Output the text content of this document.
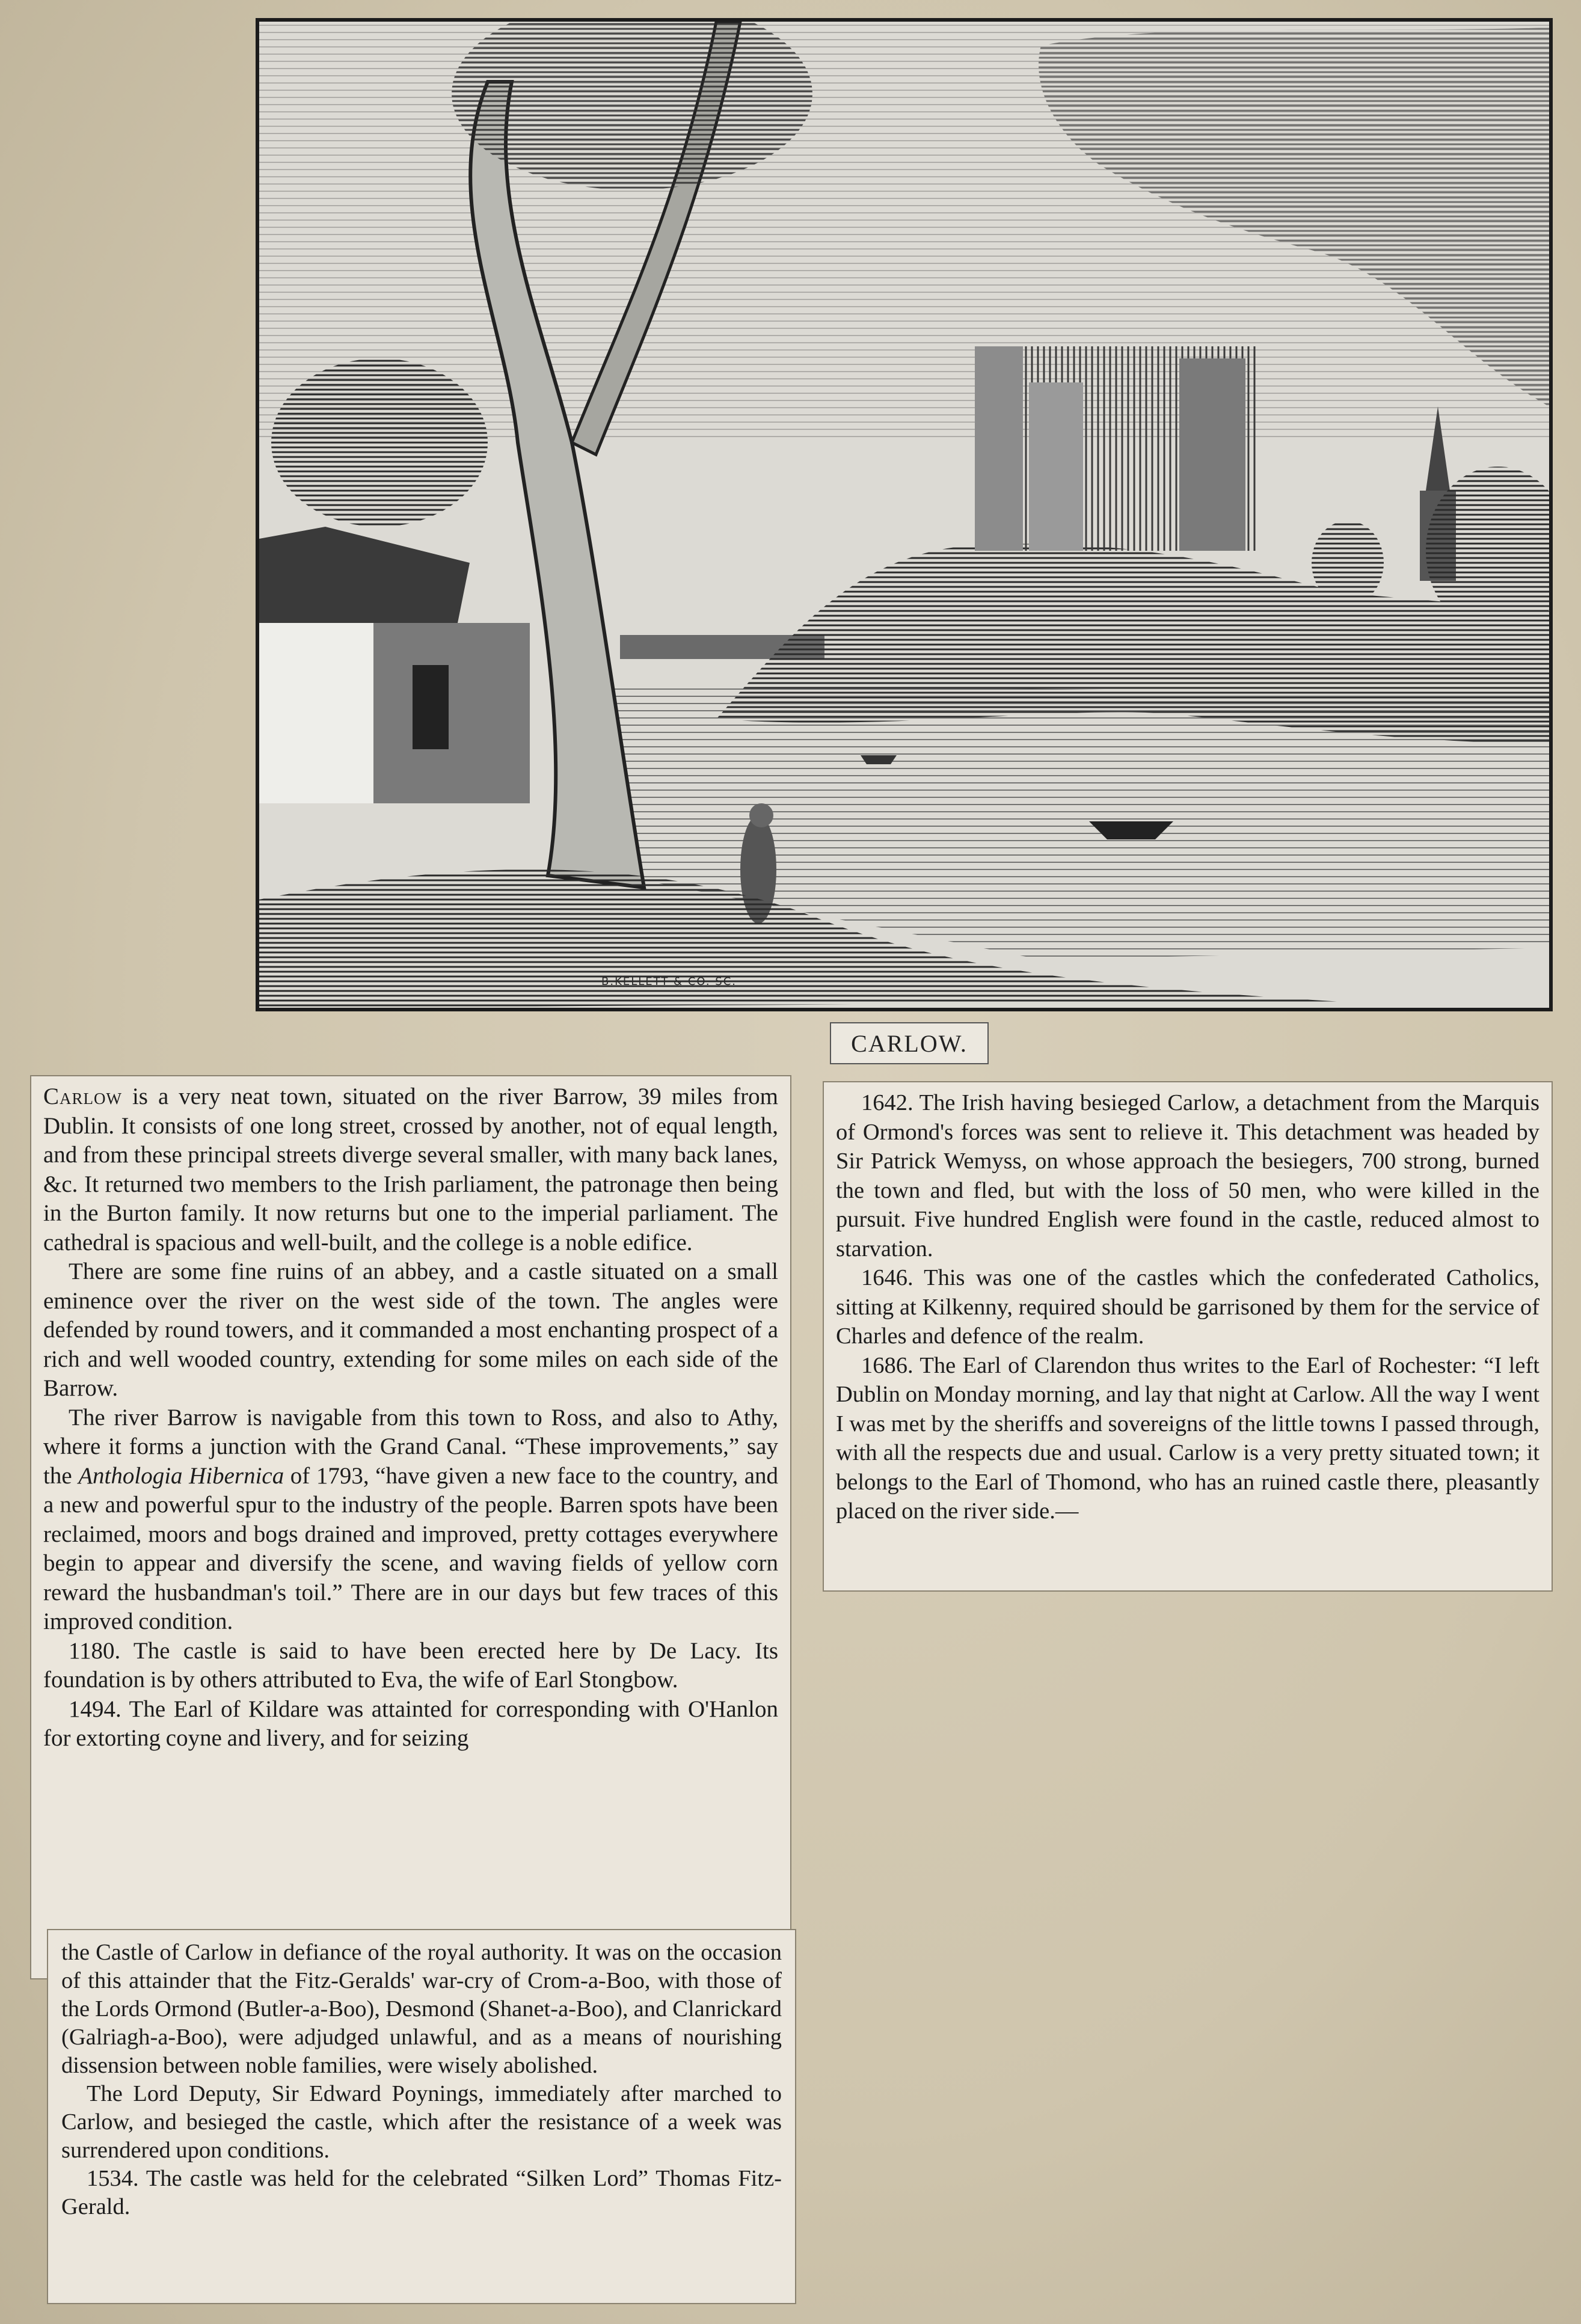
B.KELLETT & CO. SC.
CARLOW.

Carlow is a very neat town, situated on the river Barrow, 39 miles from Dublin. It consists of one long street, crossed by another, not of equal length, and from these principal streets diverge several smaller, with many back lanes, &c. It returned two members to the Irish parliament, the patronage then being in the Burton family. It now returns but one to the imperial parliament. The cathedral is spacious and well-built, and the college is a noble edifice.

There are some fine ruins of an abbey, and a castle situated on a small eminence over the river on the west side of the town. The angles were defended by round towers, and it commanded a most enchanting prospect of a rich and well wooded country, extending for some miles on each side of the Barrow.

The river Barrow is navigable from this town to Ross, and also to Athy, where it forms a junction with the Grand Canal. “These improvements,” say the Anthologia Hibernica of 1793, “have given a new face to the country, and a new and powerful spur to the industry of the people. Barren spots have been reclaimed, moors and bogs drained and improved, pretty cottages everywhere begin to appear and diversify the scene, and waving fields of yellow corn reward the husbandman's toil.” There are in our days but few traces of this improved condition.

1180. The castle is said to have been erected here by De Lacy. Its foundation is by others attributed to Eva, the wife of Earl Stongbow.

1494. The Earl of Kildare was attainted for corresponding with O'Hanlon for extorting coyne and livery, and for seizing

the Castle of Carlow in defiance of the royal authority. It was on the occasion of this attainder that the Fitz-Geralds' war-cry of Crom-a-Boo, with those of the Lords Ormond (Butler-a-Boo), Desmond (Shanet-a-Boo), and Clanrickard (Galriagh-a-Boo), were adjudged unlawful, and as a means of nourishing dissension between noble families, were wisely abolished.

The Lord Deputy, Sir Edward Poynings, immediately after marched to Carlow, and besieged the castle, which after the resistance of a week was surrendered upon conditions.

1534. The castle was held for the celebrated “Silken Lord” Thomas Fitz-Gerald.

1642. The Irish having besieged Carlow, a detachment from the Marquis of Ormond's forces was sent to relieve it. This detachment was headed by Sir Patrick Wemyss, on whose approach the besiegers, 700 strong, burned the town and fled, but with the loss of 50 men, who were killed in the pursuit. Five hundred English were found in the castle, reduced almost to starvation.

1646. This was one of the castles which the confederated Catholics, sitting at Kilkenny, required should be garrisoned by them for the service of Charles and defence of the realm.

1686. The Earl of Clarendon thus writes to the Earl of Rochester: “I left Dublin on Monday morning, and lay that night at Carlow. All the way I went I was met by the sheriffs and sovereigns of the little towns I passed through, with all the respects due and usual. Carlow is a very pretty situated town; it belongs to the Earl of Thomond, who has an ruined castle there, pleasantly placed on the river side.—
